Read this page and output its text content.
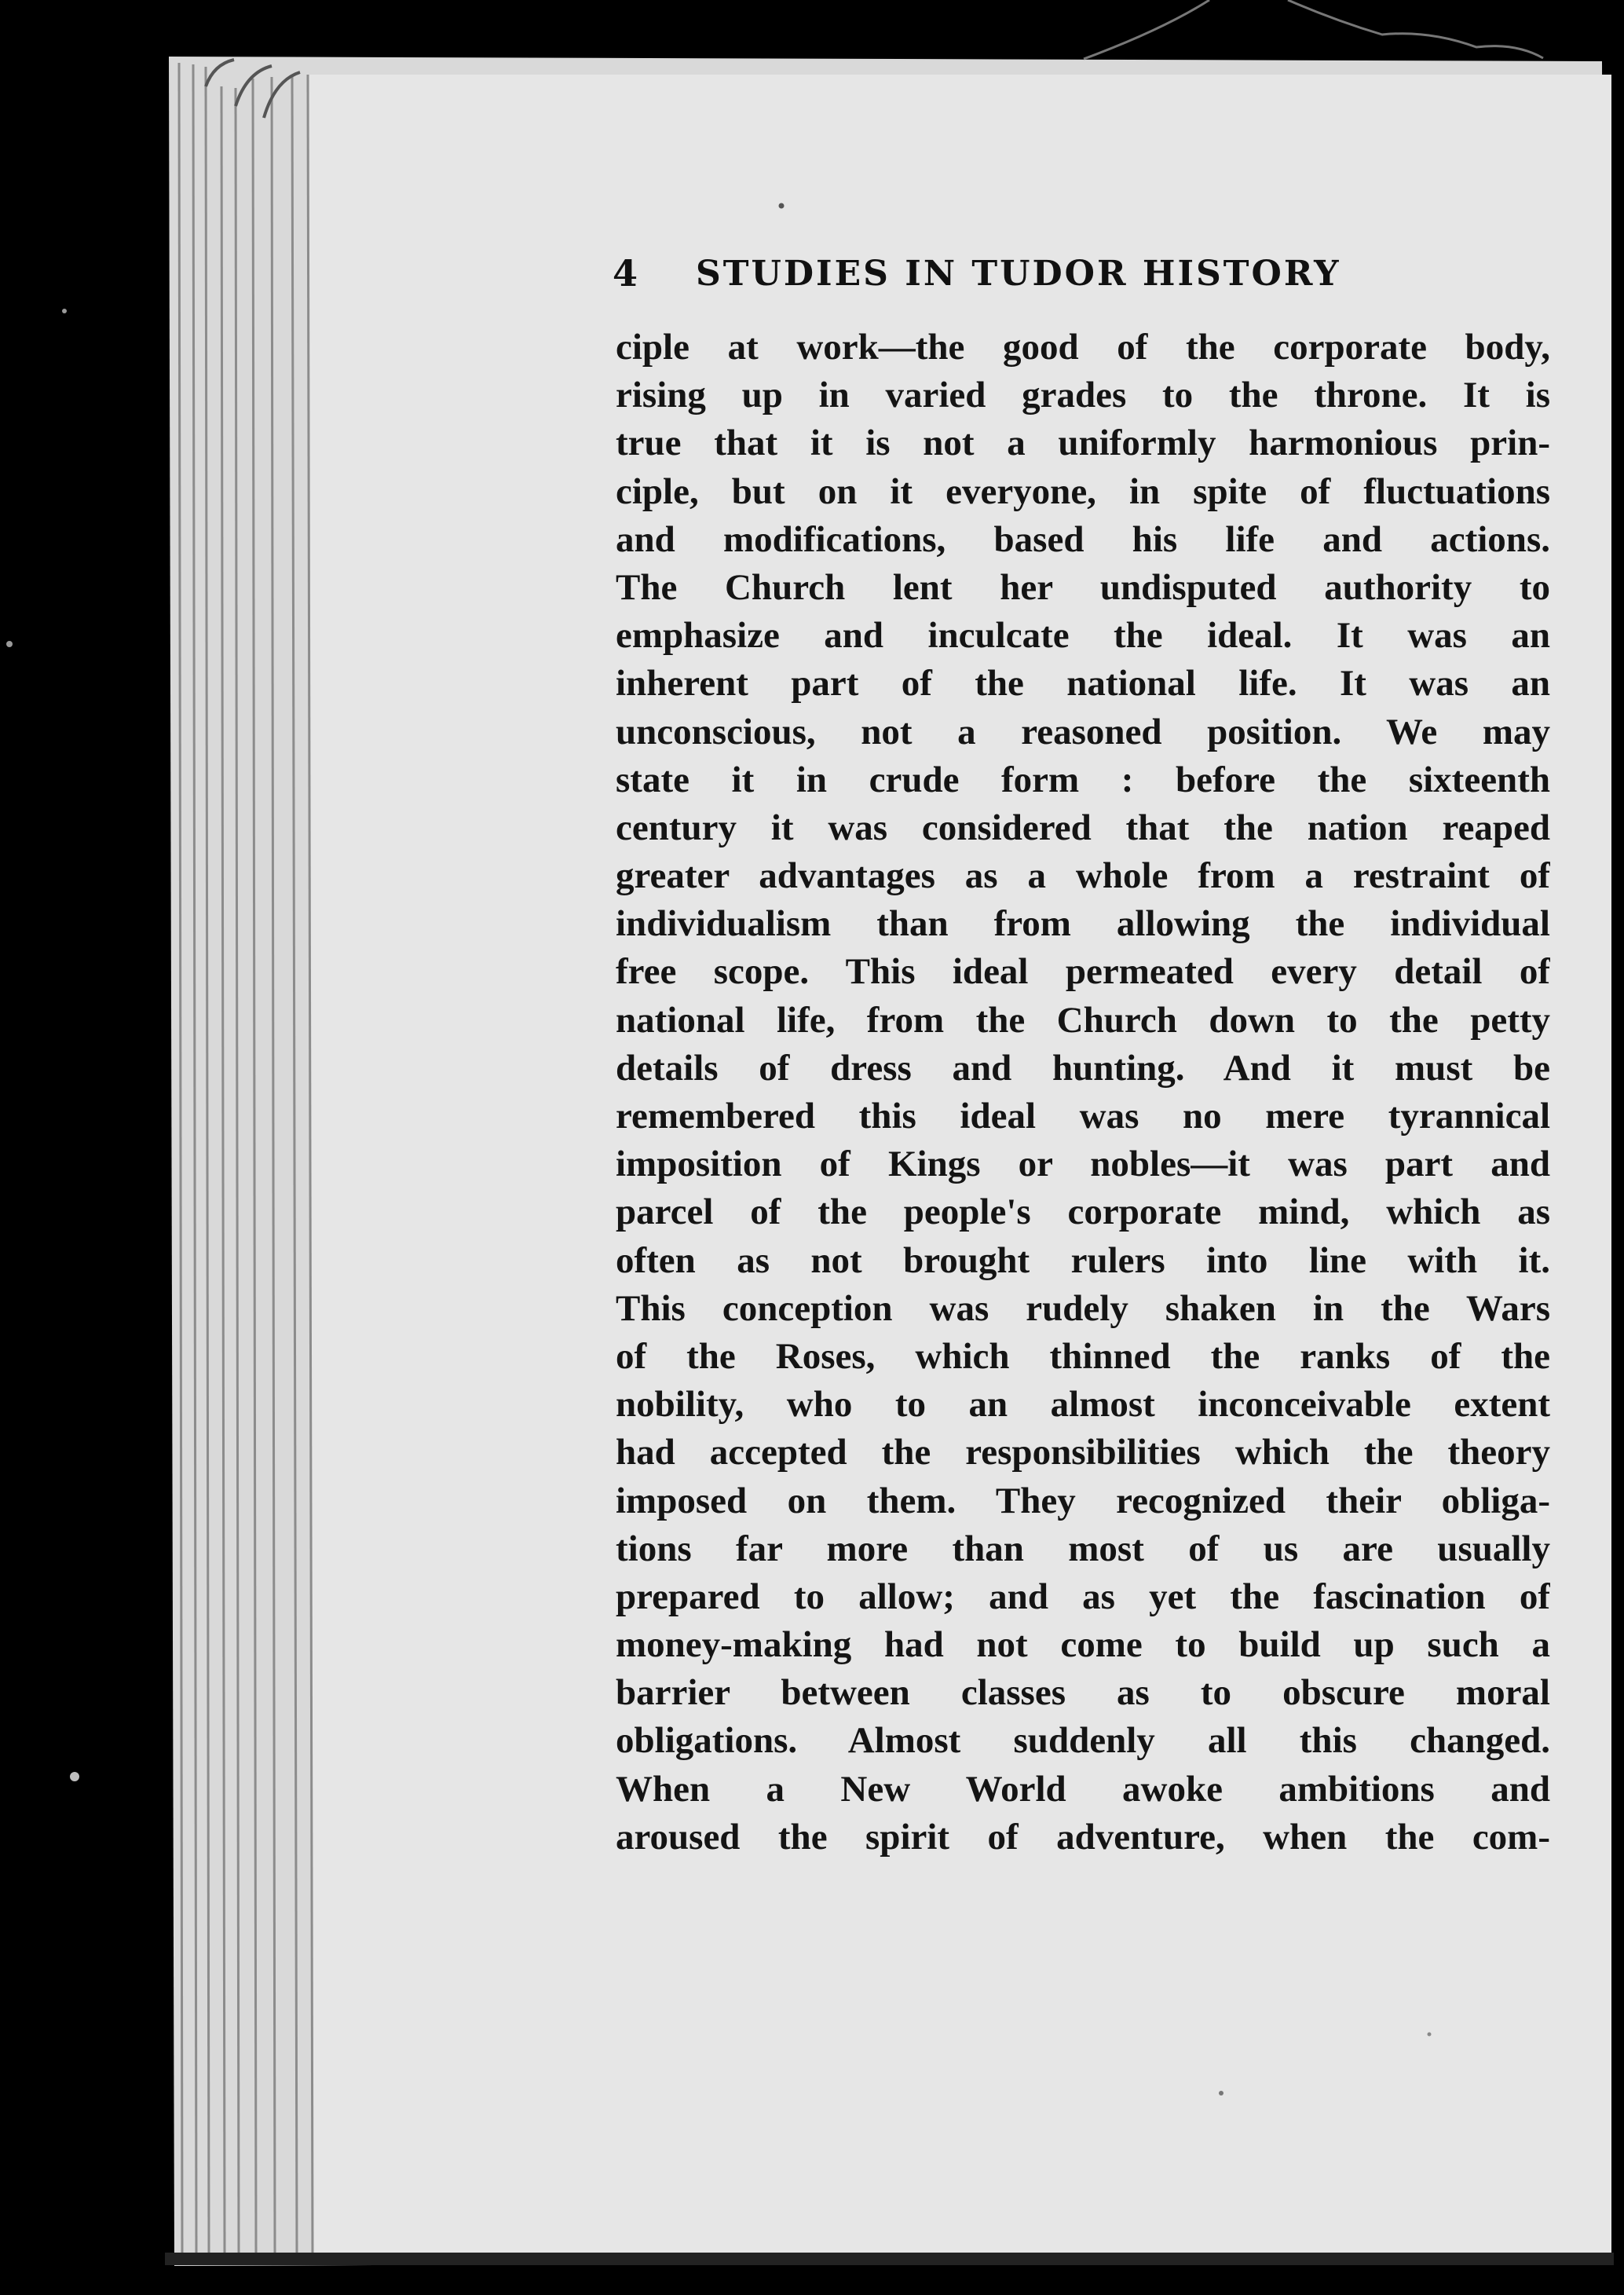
4 STUDIES IN TUDOR HISTORY
ciple at work—the good of the corporate body,
rising up in varied grades to the throne. It is
true that it is not a uniformly harmonious prin-
ciple, but on it everyone, in spite of fluctuations
and modifications, based his life and actions.
The Church lent her undisputed authority to
emphasize and inculcate the ideal. It was an
inherent part of the national life. It was an
unconscious, not a reasoned position. We may
state it in crude form : before the sixteenth
century it was considered that the nation reaped
greater advantages as a whole from a restraint of
individualism than from allowing the individual
free scope. This ideal permeated every detail of
national life, from the Church down to the petty
details of dress and hunting. And it must be
remembered this ideal was no mere tyrannical
imposition of Kings or nobles—it was part and
parcel of the people's corporate mind, which as
often as not brought rulers into line with it.
This conception was rudely shaken in the Wars
of the Roses, which thinned the ranks of the
nobility, who to an almost inconceivable extent
had accepted the responsibilities which the theory
imposed on them. They recognized their obliga-
tions far more than most of us are usually
prepared to allow; and as yet the fascination of
money-making had not come to build up such a
barrier between classes as to obscure moral
obligations. Almost suddenly all this changed.
When a New World awoke ambitions and
aroused the spirit of adventure, when the com-
